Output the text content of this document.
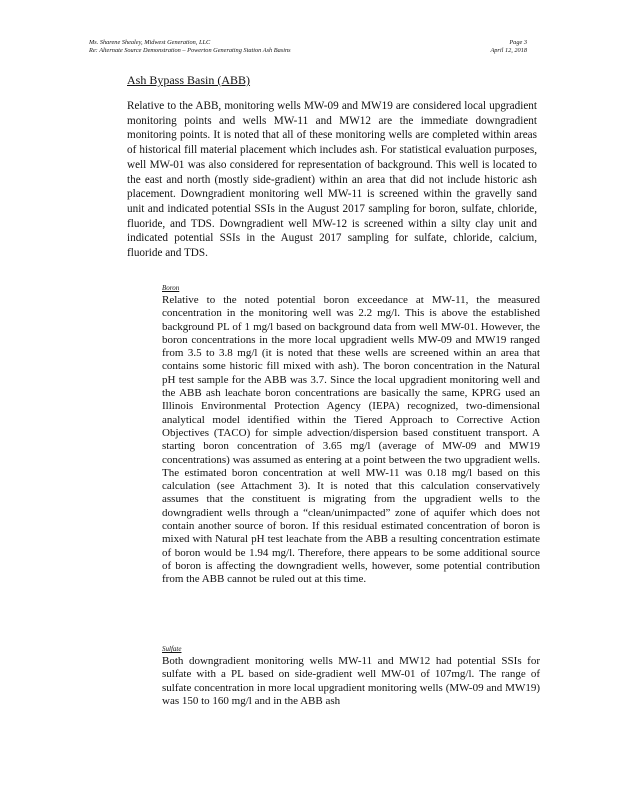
Ms. Sharene Shealey, Midwest Generation, LLC
Re: Alternate Source Demonstration – Powerton Generating Station Ash Basins
Page 3
April 12, 2018
Ash Bypass Basin (ABB)
Relative to the ABB, monitoring wells MW-09 and MW19 are considered local upgradient monitoring points and wells MW-11 and MW12 are the immediate downgradient monitoring points. It is noted that all of these monitoring wells are completed within areas of historical fill material placement which includes ash. For statistical evaluation purposes, well MW-01 was also considered for representation of background. This well is located to the east and north (mostly side-gradient) within an area that did not include historic ash placement. Downgradient monitoring well MW-11 is screened within the gravelly sand unit and indicated potential SSIs in the August 2017 sampling for boron, sulfate, chloride, fluoride, and TDS. Downgradient well MW-12 is screened within a silty clay unit and indicated potential SSIs in the August 2017 sampling for sulfate, chloride, calcium, fluoride and TDS.
Boron
Relative to the noted potential boron exceedance at MW-11, the measured concentration in the monitoring well was 2.2 mg/l. This is above the established background PL of 1 mg/l based on background data from well MW-01. However, the boron concentrations in the more local upgradient wells MW-09 and MW19 ranged from 3.5 to 3.8 mg/l (it is noted that these wells are screened within an area that contains some historic fill mixed with ash). The boron concentration in the Natural pH test sample for the ABB was 3.7. Since the local upgradient monitoring well and the ABB ash leachate boron concentrations are basically the same, KPRG used an Illinois Environmental Protection Agency (IEPA) recognized, two-dimensional analytical model identified within the Tiered Approach to Corrective Action Objectives (TACO) for simple advection/dispersion based constituent transport. A starting boron concentration of 3.65 mg/l (average of MW-09 and MW19 concentrations) was assumed as entering at a point between the two upgradient wells. The estimated boron concentration at well MW-11 was 0.18 mg/l based on this calculation (see Attachment 3). It is noted that this calculation conservatively assumes that the constituent is migrating from the upgradient wells to the downgradient wells through a “clean/unimpacted” zone of aquifer which does not contain another source of boron. If this residual estimated concentration of boron is mixed with Natural pH test leachate from the ABB a resulting concentration estimate of boron would be 1.94 mg/l. Therefore, there appears to be some additional source of boron is affecting the downgradient wells, however, some potential contribution from the ABB cannot be ruled out at this time.
Sulfate
Both downgradient monitoring wells MW-11 and MW12 had potential SSIs for sulfate with a PL based on side-gradient well MW-01 of 107mg/l. The range of sulfate concentration in more local upgradient monitoring wells (MW-09 and MW19) was 150 to 160 mg/l and in the ABB ash
